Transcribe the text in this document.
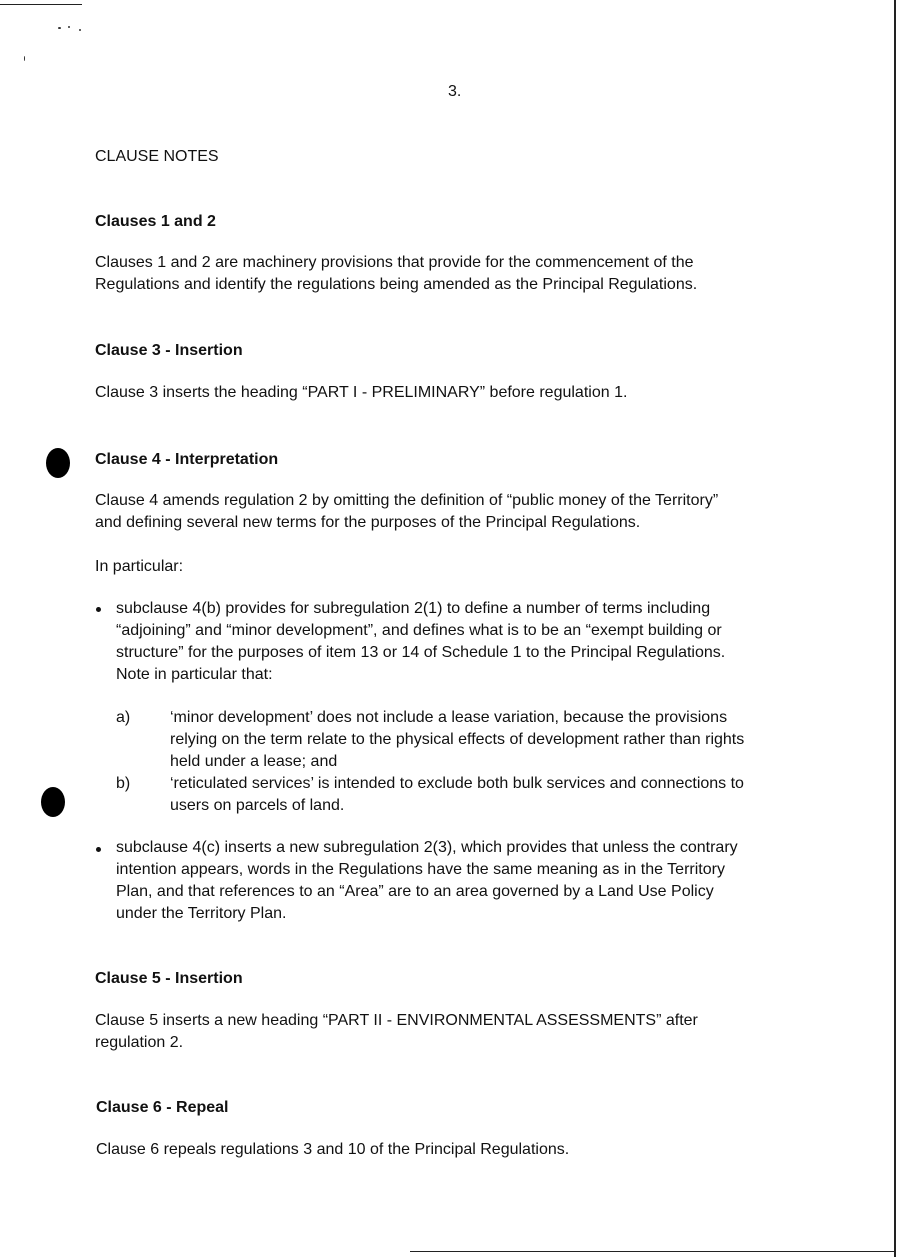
3.
CLAUSE NOTES
Clauses 1 and 2
Clauses 1 and 2 are machinery provisions that provide for the commencement of the
Regulations and identify the regulations being amended as the Principal Regulations.
Clause 3 - Insertion
Clause 3 inserts the heading “PART I - PRELIMINARY” before regulation 1.
Clause 4 - Interpretation
Clause 4 amends regulation 2 by omitting the definition of “public money of the Territory”
and defining several new terms for the purposes of the Principal Regulations.
In particular:
subclause 4(b) provides for subregulation 2(1) to define a number of terms including
“adjoining” and “minor development”, and defines what is to be an “exempt building or
structure” for the purposes of item 13 or 14 of Schedule 1 to the Principal Regulations.
Note in particular that:
a) ‘minor development’ does not include a lease variation, because the provisions
relying on the term relate to the physical effects of development rather than rights
held under a lease; and
b) ‘reticulated services’ is intended to exclude both bulk services and connections to
users on parcels of land.
subclause 4(c) inserts a new subregulation 2(3), which provides that unless the contrary
intention appears, words in the Regulations have the same meaning as in the Territory
Plan, and that references to an “Area” are to an area governed by a Land Use Policy
under the Territory Plan.
Clause 5 - Insertion
Clause 5 inserts a new heading “PART II - ENVIRONMENTAL ASSESSMENTS” after
regulation 2.
Clause 6 - Repeal
Clause 6 repeals regulations 3 and 10 of the Principal Regulations.
